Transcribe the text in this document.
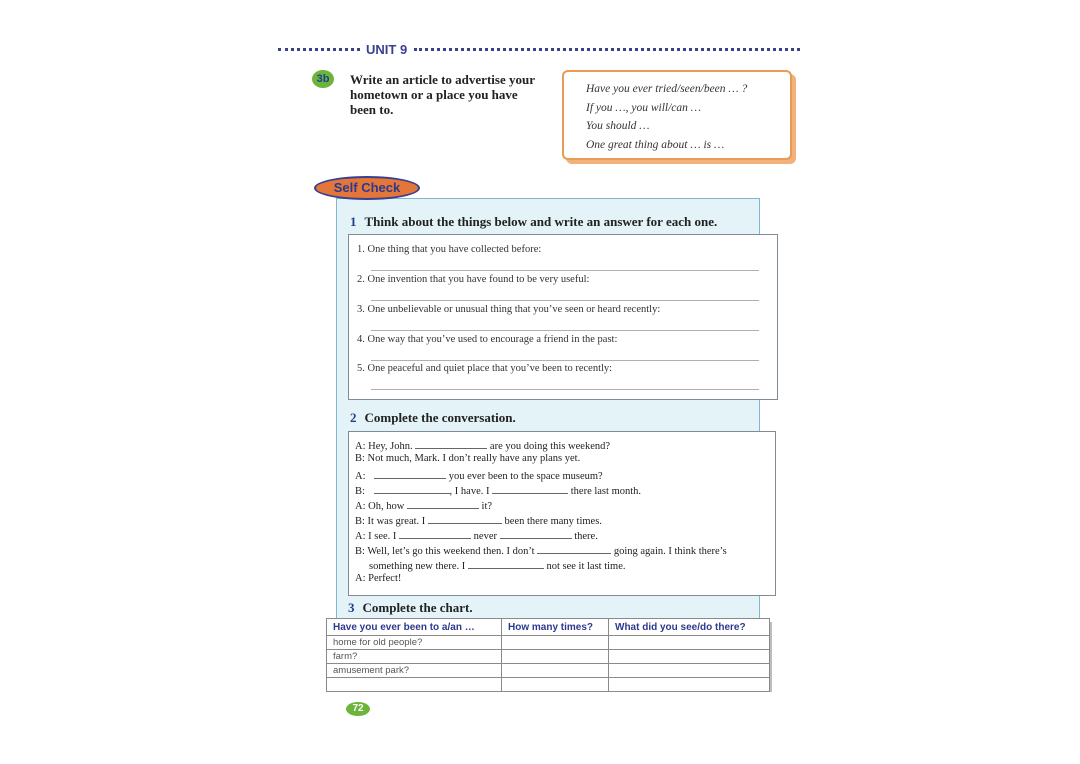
UNIT 9
3b	Write an article to advertise your
hometown or a place you have
been to.
Have you ever tried/seen/been … ?
If you …, you will/can …
You should …
One great thing about … is …
Self Check
1 Think about the things below and write an answer for each one.
1. One thing that you have collected before:
2. One invention that you have found to be very useful:
3. One unbelievable or unusual thing that you’ve seen or heard recently:
4. One way that you’ve used to encourage a friend in the past:
5. One peaceful and quiet place that you’ve been to recently:
2 Complete the conversation.
A: Hey, John.	are you doing this weekend?
B: Not much, Mark. I don’t really have any plans yet.
A:	you ever been to the space museum?
B:	, I have. I	there last month.
A: Oh, how	it?
B: It was great. I	been there many times.
A: I see. I	never	there.
B: Well, let’s go this weekend then. I don’t	going again. I think there’s
something new there. I	not see it last time.
A: Perfect!
3 Complete the chart.
Have you ever been to a/an …	How many times?	What did you see/do there?
home for old people?		
farm?		
amusement park?		

72
